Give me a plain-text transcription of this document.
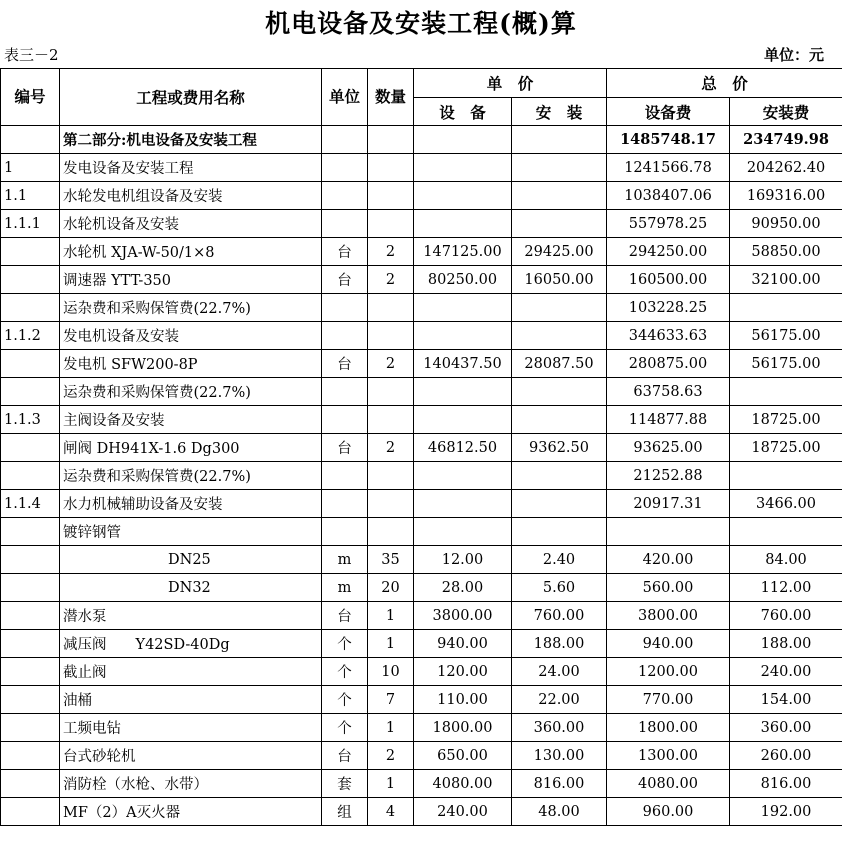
机电设备及安装工程(概)算
表三－2	单位：元
编号	工程或费用名称	单位	数量	单　价		总　价	
				设　备	安　装	设备费	安装费
	第二部分:机电设备及安装工程					1485748.17	234749.98
1	发电设备及安装工程					1241566.78	204262.40
1.1	水轮发电机组设备及安装					1038407.06	169316.00
1.1.1	水轮机设备及安装					557978.25	90950.00
	水轮机 XJA-W-50/1×8	台	2	147125.00	29425.00	294250.00	58850.00
	调速器 YTT-350	台	2	80250.00	16050.00	160500.00	32100.00
	运杂费和采购保管费(22.7%)					103228.25	
1.1.2	发电机设备及安装					344633.63	56175.00
	发电机 SFW200-8P	台	2	140437.50	28087.50	280875.00	56175.00
	运杂费和采购保管费(22.7%)					63758.63	
1.1.3	主阀设备及安装					114877.88	18725.00
	闸阀 DH941X-1.6 Dg300	台	2	46812.50	9362.50	93625.00	18725.00
	运杂费和采购保管费(22.7%)					21252.88	
1.1.4	水力机械辅助设备及安装					20917.31	3466.00
	镀锌钢管						
	DN25	m	35	12.00	2.40	420.00	84.00
	DN32	m	20	28.00	5.60	560.00	112.00
	潜水泵	台	1	3800.00	760.00	3800.00	760.00
	减压阀　　Y42SD-40Dg	个	1	940.00	188.00	940.00	188.00
	截止阀	个	10	120.00	24.00	1200.00	240.00
	油桶	个	7	110.00	22.00	770.00	154.00
	工频电钻	个	1	1800.00	360.00	1800.00	360.00
	台式砂轮机	台	2	650.00	130.00	1300.00	260.00
	消防栓（水枪、水带）	套	1	4080.00	816.00	4080.00	816.00
	MF（2）A灭火器	组	4	240.00	48.00	960.00	192.00
